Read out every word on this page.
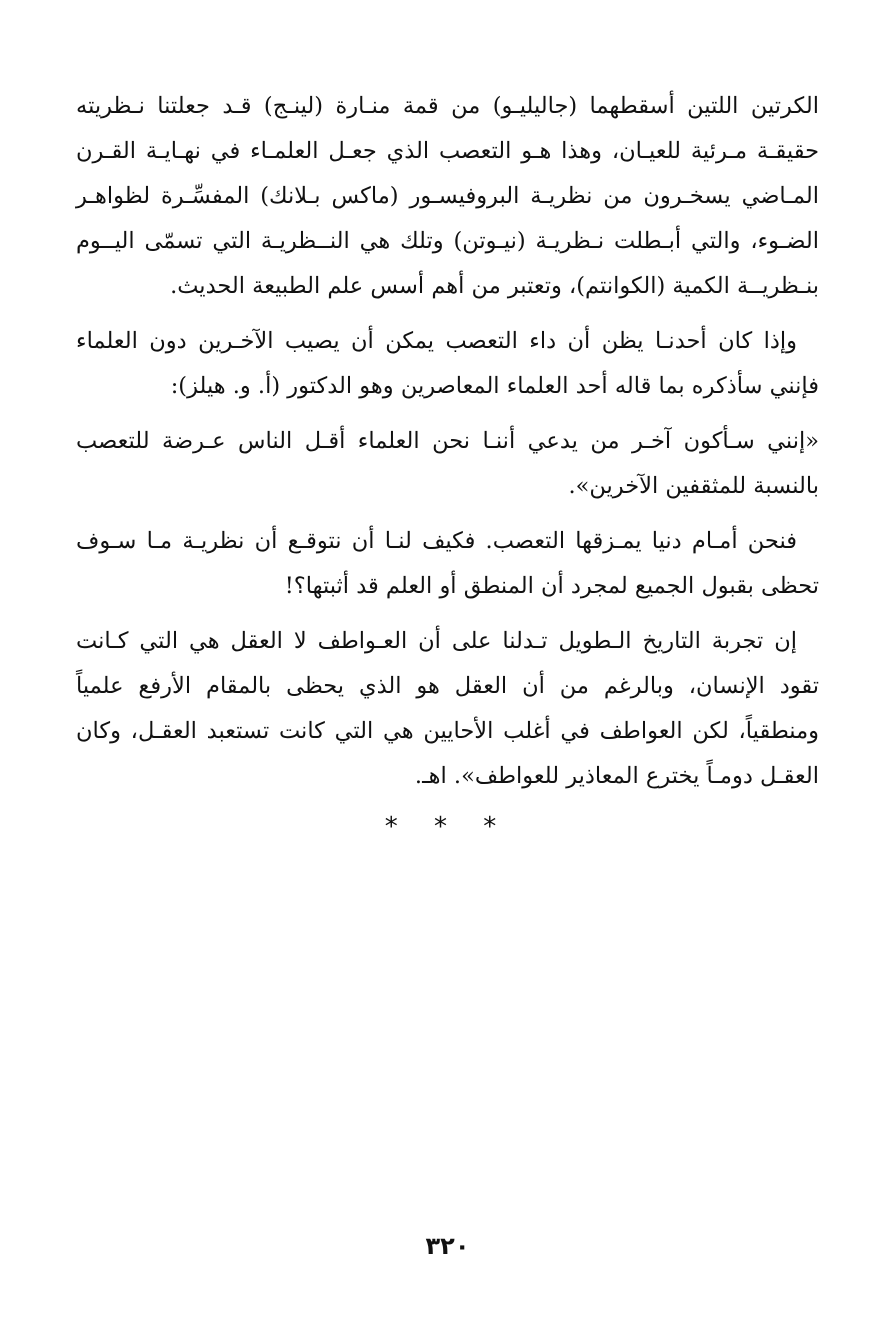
الكرتين اللتين أسقطهما (جاليليـو) من قمة منـارة (لينـج) قـد جعلتنا نـظريته حقيقـة مـرئية للعيـان، وهذا هـو التعصب الذي جعـل العلمـاء في نهـايـة القـرن المـاضي يسخـرون من نظريـة البروفيسـور (ماكس بـلانك) المفسِّـرة لظواهـر الضـوء، والتي أبـطلت نـظريـة (نيـوتن) وتلك هي النــظريـة التي تسمّى اليــوم بنـظريــة الكمية (الكوانتم)، وتعتبر من أهم أسس علم الطبيعة الحديث.

وإذا كان أحدنـا يظن أن داء التعصب يمكن أن يصيب الآخـرين دون العلماء فإنني سأذكره بما قاله أحد العلماء المعاصرين وهو الدكتور (أ. و. هيلز):

«إنني سـأكون آخـر من يدعي أننـا نحن العلماء أقـل الناس عـرضة للتعصب بالنسبة للمثقفين الآخرين».

فنحن أمـام دنيا يمـزقها التعصب. فكيف لنـا أن نتوقـع أن نظريـة مـا سـوف تحظى بقبول الجميع لمجرد أن المنطق أو العلم قد أثبتها؟!

إن تجربة التاريخ الـطويل تـدلنا على أن العـواطف لا العقل هي التي كـانت تقود الإنسان، وبالرغم من أن العقل هو الذي يحظى بالمقام الأرفع علمياً ومنطقياً، لكن العواطف في أغلب الأحايين هي التي كانت تستعبد العقـل، وكان العقـل دومـاً يخترع المعاذير للعواطف». اهـ.

* * *
٣٢٠
